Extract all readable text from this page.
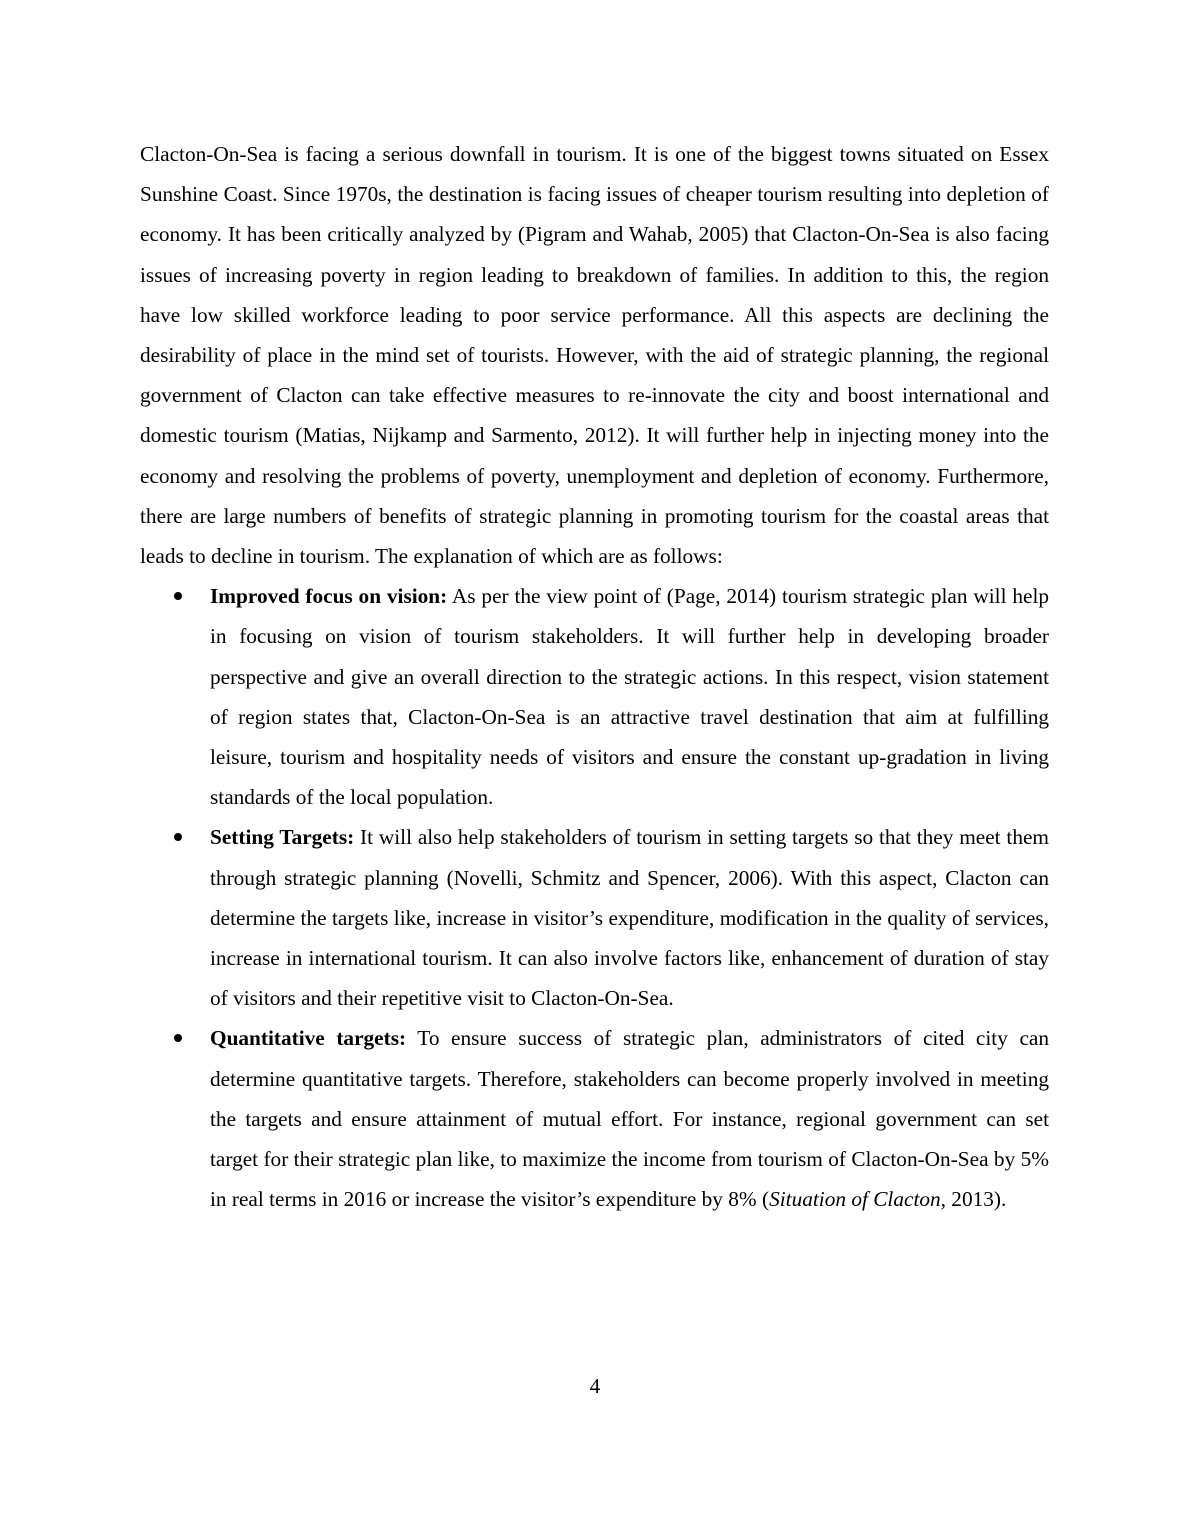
Clacton-On-Sea is facing a serious downfall in tourism. It is one of the biggest towns situated on Essex Sunshine Coast. Since 1970s, the destination is facing issues of cheaper tourism resulting into depletion of economy. It has been critically analyzed by (Pigram and Wahab, 2005) that Clacton-On-Sea is also facing issues of increasing poverty in region leading to breakdown of families. In addition to this, the region have low skilled workforce leading to poor service performance. All this aspects are declining the desirability of place in the mind set of tourists. However, with the aid of strategic planning, the regional government of Clacton can take effective measures to re-innovate the city and boost international and domestic tourism (Matias, Nijkamp and Sarmento, 2012). It will further help in injecting money into the economy and resolving the problems of poverty, unemployment and depletion of economy. Furthermore, there are large numbers of benefits of strategic planning in promoting tourism for the coastal areas that leads to decline in tourism. The explanation of which are as follows:

Improved focus on vision: As per the view point of (Page, 2014) tourism strategic plan will help in focusing on vision of tourism stakeholders. It will further help in developing broader perspective and give an overall direction to the strategic actions. In this respect, vision statement of region states that, Clacton-On-Sea is an attractive travel destination that aim at fulfilling leisure, tourism and hospitality needs of visitors and ensure the constant up-gradation in living standards of the local population.
Setting Targets: It will also help stakeholders of tourism in setting targets so that they meet them through strategic planning (Novelli, Schmitz and Spencer, 2006). With this aspect, Clacton can determine the targets like, increase in visitor’s expenditure, modification in the quality of services, increase in international tourism. It can also involve factors like, enhancement of duration of stay of visitors and their repetitive visit to Clacton-On-Sea.
Quantitative targets: To ensure success of strategic plan, administrators of cited city can determine quantitative targets. Therefore, stakeholders can become properly involved in meeting the targets and ensure attainment of mutual effort. For instance, regional government can set target for their strategic plan like, to maximize the income from tourism of Clacton-On-Sea by 5% in real terms in 2016 or increase the visitor’s expenditure by 8% (Situation of Clacton, 2013).
4
